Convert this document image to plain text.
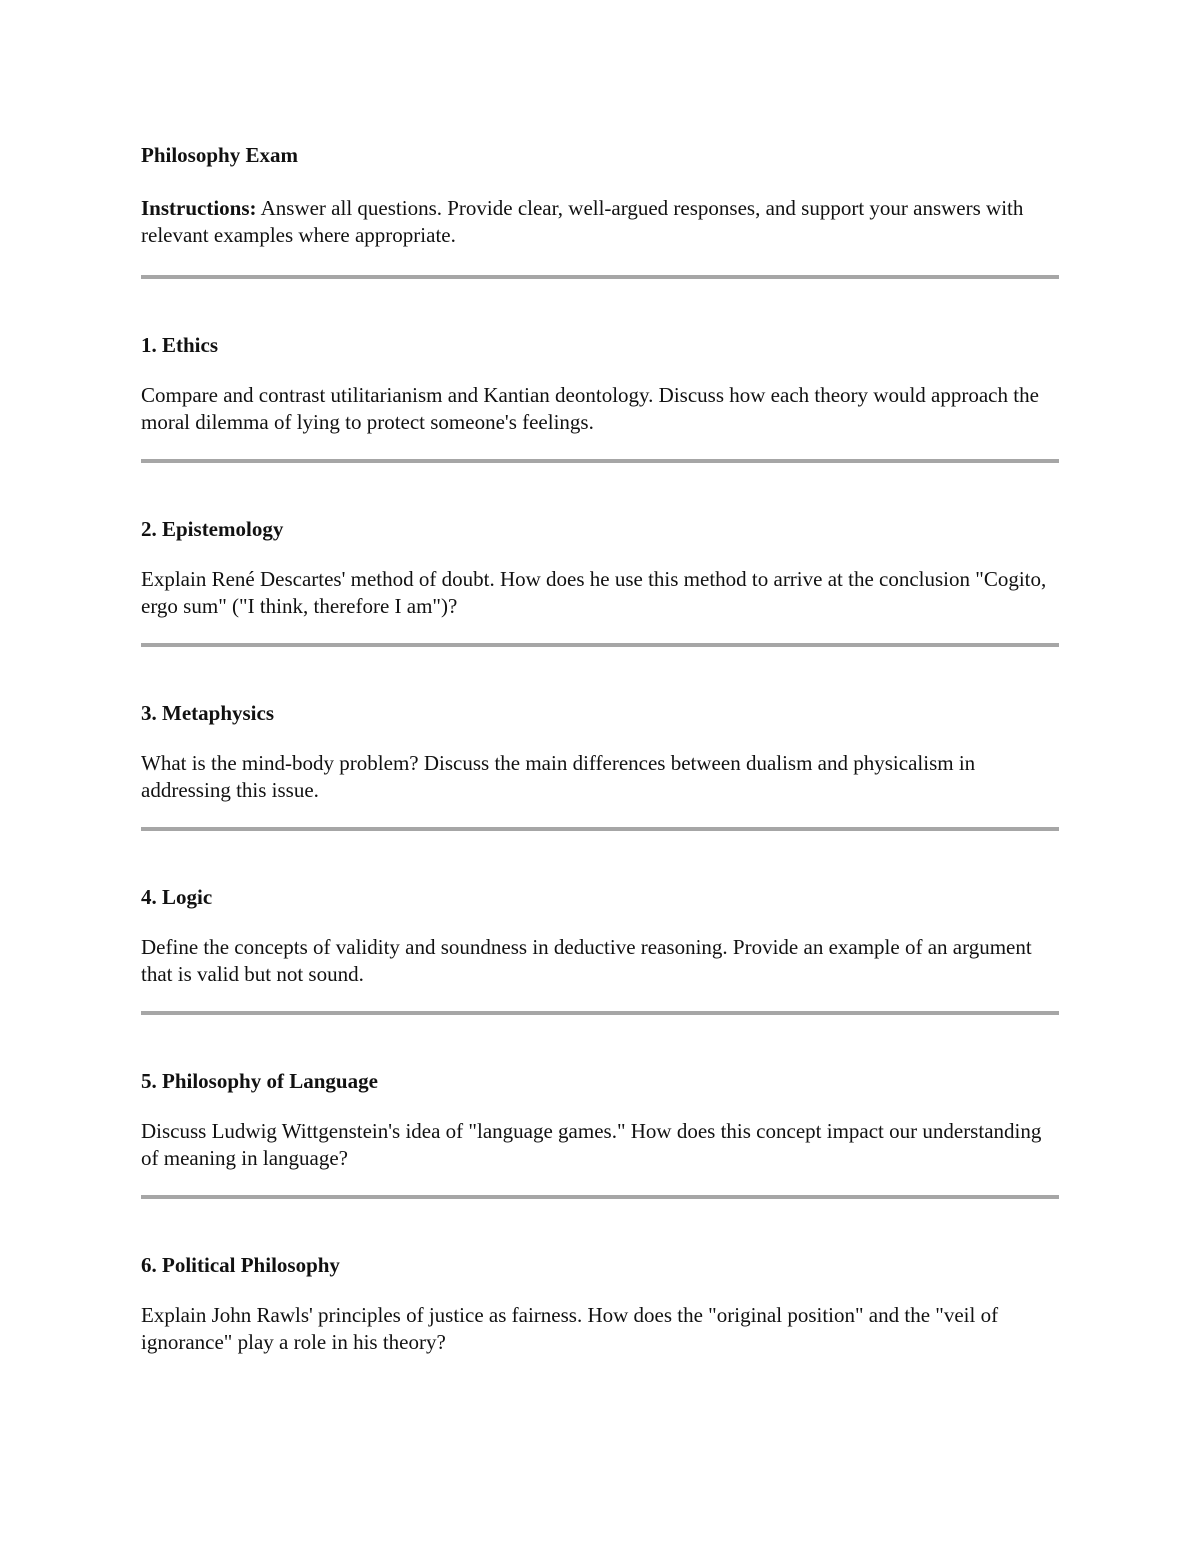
Philosophy Exam

Instructions: Answer all questions. Provide clear, well-argued responses, and support your answers with relevant examples where appropriate.

1. Ethics

Compare and contrast utilitarianism and Kantian deontology. Discuss how each theory would approach the moral dilemma of lying to protect someone's feelings.

2. Epistemology

Explain René Descartes' method of doubt. How does he use this method to arrive at the conclusion "Cogito, ergo sum" ("I think, therefore I am")?

3. Metaphysics

What is the mind-body problem? Discuss the main differences between dualism and physicalism in addressing this issue.

4. Logic

Define the concepts of validity and soundness in deductive reasoning. Provide an example of an argument that is valid but not sound.

5. Philosophy of Language

Discuss Ludwig Wittgenstein's idea of "language games." How does this concept impact our understanding of meaning in language?

6. Political Philosophy

Explain John Rawls' principles of justice as fairness. How does the "original position" and the "veil of ignorance" play a role in his theory?
